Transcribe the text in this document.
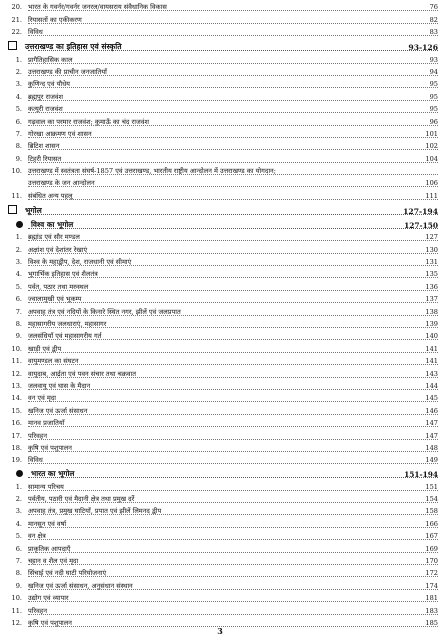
20. भारत के गवर्नर/गवर्नर जनरल/वायसराय संवैधानिक विकास	76
21. रियासतों का एकीकरण	82
22. विविध	83
उत्तराखण्ड का इतिहास एवं संस्कृति	93-126
1. प्रागैतिहासिक काल	93
2. उत्तराखण्ड की प्राचीन जनजातियाँ	94
3. कुणिन्द एवं यौधेय	95
4. ब्रह्मपुर राजवंश	95
5. कत्यूरी राजवंश	95
6. गढ़वाल का परमार राजवंश; कुमाऊँ का चंद राजवंश	96
7. गोरखा आक्रमण एवं शासन	101
8. ब्रिटिश शासन	102
9. टिहरी रियासत	104
10. उत्तराखण्ड में स्वतंत्रता संघर्ष-1857 एवं उत्तराखण्ड, भारतीय राष्ट्रीय आन्दोलन में उत्तराखण्ड का योगदान;
उत्तराखण्ड के जन आन्दोलन	106
11. संबंधित अन्य पहलू	111
भूगोल	127-194
विश्व का भूगोल	127-150
1. ब्रह्मांड एवं सौर मण्डल	127
2. अक्षांश एवं देशांतर रेखाएं	130
3. विश्व के महाद्वीप, देश, राजधानी एवं सीमाएं	131
4. भूगार्भिक इतिहास एवं शैलतंत्र	135
5. पर्वत, पठार तथा मरुस्थल	136
6. ज्वालामुखी एवं भूकम्प	137
7. अपवाह तंत्र एवं नदियों के किनारे स्थित नगर, झीलें एवं जलप्रपात	138
8. महासागरीय जलधाराएं, महासागर	139
9. जलसंधियाँ एवं महासागरीय गर्त	140
10. खाड़ी एवं द्वीप	141
11. वायुमण्डल का संघटन	141
12. वायुदाब, आर्द्रता एवं पवन संचार तथा चक्रवात	143
13. जलवायु एवं घास के मैदान	144
14. वन एवं मृदा	145
15. खनिज एवं ऊर्जा संसाधन	146
16. मानव प्रजातियाँ	147
17. परिवहन	147
18. कृषि एवं पशुपालन	148
19. विविध	149
भारत का भूगोल	151-194
1. सामान्य परिचय	151
2. पर्वतीय, पठारी एवं मैदानी क्षेत्र तथा प्रमुख दर्रे	154
3. अपवाह तंत्र, प्रमुख घाटियाँ, प्रपात एवं झीलें लिमनद द्वीप	158
4. मानसून एवं वर्षा	166
5. वन क्षेत्र	167
6. प्राकृतिक आपदाएँ	169
7. चट्टान व शैल एवं मृदा	170
8. सिंचाई एवं नदी घाटी परियोजनाएं	172
9. खनिज एवं ऊर्जा संसाधन, अनुसंधान संस्थान	174
10. उद्योग एवं व्यापार	181
11. परिवहन	183
12. कृषि एवं पशुपालन	185
3
